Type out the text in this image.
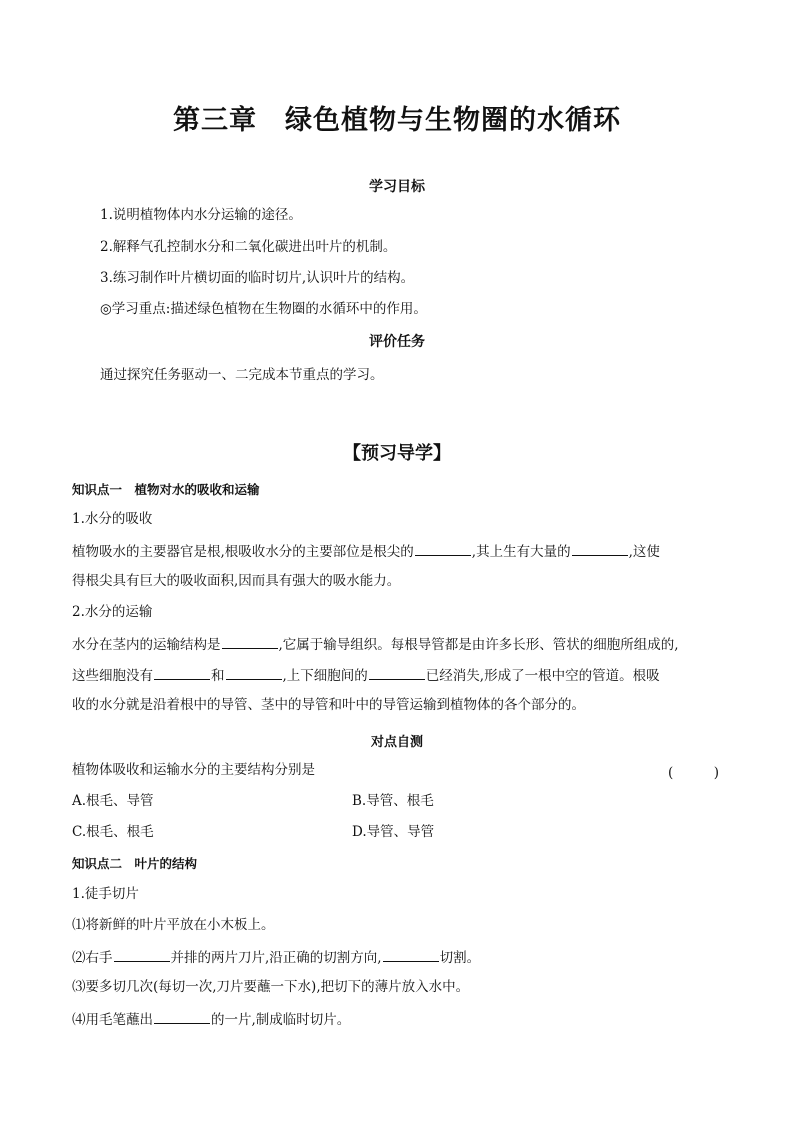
第三章　绿色植物与生物圈的水循环
学习目标
1.说明植物体内水分运输的途径。
2.解释气孔控制水分和二氧化碳进出叶片的机制。
3.练习制作叶片横切面的临时切片,认识叶片的结构。
◎学习重点:描述绿色植物在生物圈的水循环中的作用。
评价任务
通过探究任务驱动一、二完成本节重点的学习。
【预习导学】
知识点一　植物对水的吸收和运输
1.水分的吸收
植物吸水的主要器官是根,根吸收水分的主要部位是根尖的	,其上生有大量的	,这使
得根尖具有巨大的吸收面积,因而具有强大的吸水能力。
2.水分的运输
水分在茎内的运输结构是	,它属于输导组织。每根导管都是由许多长形、管状的细胞所组成的,
这些细胞没有	和	,上下细胞间的	已经消失,形成了一根中空的管道。根吸
收的水分就是沿着根中的导管、茎中的导管和叶中的导管运输到植物体的各个部分的。
对点自测
植物体吸收和运输水分的主要结构分别是	(　　　)
A.根毛、导管	B.导管、根毛
C.根毛、根毛	D.导管、导管
知识点二　叶片的结构
1.徒手切片
⑴将新鲜的叶片平放在小木板上。
⑵右手	并排的两片刀片,沿正确的切割方向,	切割。
⑶要多切几次(每切一次,刀片要蘸一下水),把切下的薄片放入水中。
⑷用毛笔蘸出	的一片,制成临时切片。
